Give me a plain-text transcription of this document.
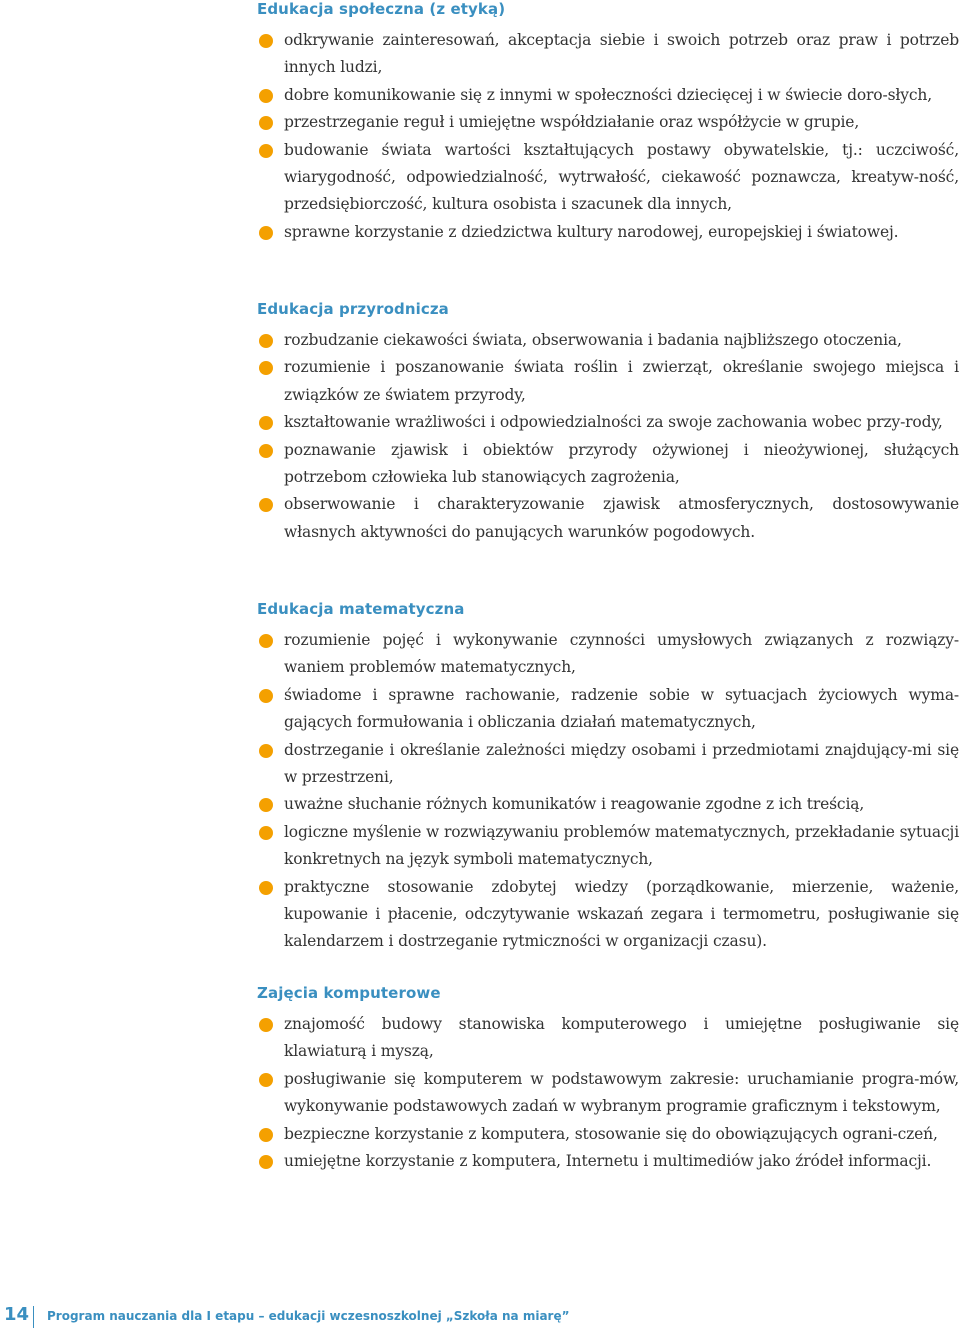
Edukacja społeczna (z etyką)
odkrywanie zainteresowań, akceptacja siebie i swoich potrzeb oraz praw i potrzeb innych ludzi,
dobre komunikowanie się z innymi w społeczności dziecięcej i w świecie doro-słych,
przestrzeganie reguł i umiejętne współdziałanie oraz współżycie w grupie,
budowanie świata wartości kształtujących postawy obywatelskie, tj.: uczciwość, wiarygodność, odpowiedzialność, wytrwałość, ciekawość poznawcza, kreatyw-ność, przedsiębiorczość, kultura osobista i szacunek dla innych,
sprawne korzystanie z dziedzictwa kultury narodowej, europejskiej i światowej.
Edukacja przyrodnicza
rozbudzanie ciekawości świata, obserwowania i badania najbliższego otoczenia,
rozumienie i poszanowanie świata roślin i zwierząt, określanie swojego miejsca i związków ze światem przyrody,
kształtowanie wrażliwości i odpowiedzialności za swoje zachowania wobec przy-rody,
poznawanie zjawisk i obiektów przyrody ożywionej i nieożywionej, służących potrzebom człowieka lub stanowiących zagrożenia,
obserwowanie i charakteryzowanie zjawisk atmosferycznych, dostosowywanie własnych aktywności do panujących warunków pogodowych.
Edukacja matematyczna
rozumienie pojęć i wykonywanie czynności umysłowych związanych z rozwiązy-waniem problemów matematycznych,
świadome i sprawne rachowanie, radzenie sobie w sytuacjach życiowych wyma-gających formułowania i obliczania działań matematycznych,
dostrzeganie i określanie zależności między osobami i przedmiotami znajdujący-mi się w przestrzeni,
uważne słuchanie różnych komunikatów i reagowanie zgodne z ich treścią,
logiczne myślenie w rozwiązywaniu problemów matematycznych, przekładanie sytuacji konkretnych na język symboli matematycznych,
praktyczne stosowanie zdobytej wiedzy (porządkowanie, mierzenie, ważenie, kupowanie i płacenie, odczytywanie wskazań zegara i termometru, posługiwanie się kalendarzem i dostrzeganie rytmiczności w organizacji czasu).
Zajęcia komputerowe
znajomość budowy stanowiska komputerowego i umiejętne posługiwanie się klawiaturą i myszą,
posługiwanie się komputerem w podstawowym zakresie: uruchamianie progra-mów, wykonywanie podstawowych zadań w wybranym programie graficznym i tekstowym,
bezpieczne korzystanie z komputera, stosowanie się do obowiązujących ograni-czeń,
umiejętne korzystanie z komputera, Internetu i multimediów jako źródeł informacji.
14 Program nauczania dla I etapu – edukacji wczesnoszkolnej „Szkoła na miarę”
